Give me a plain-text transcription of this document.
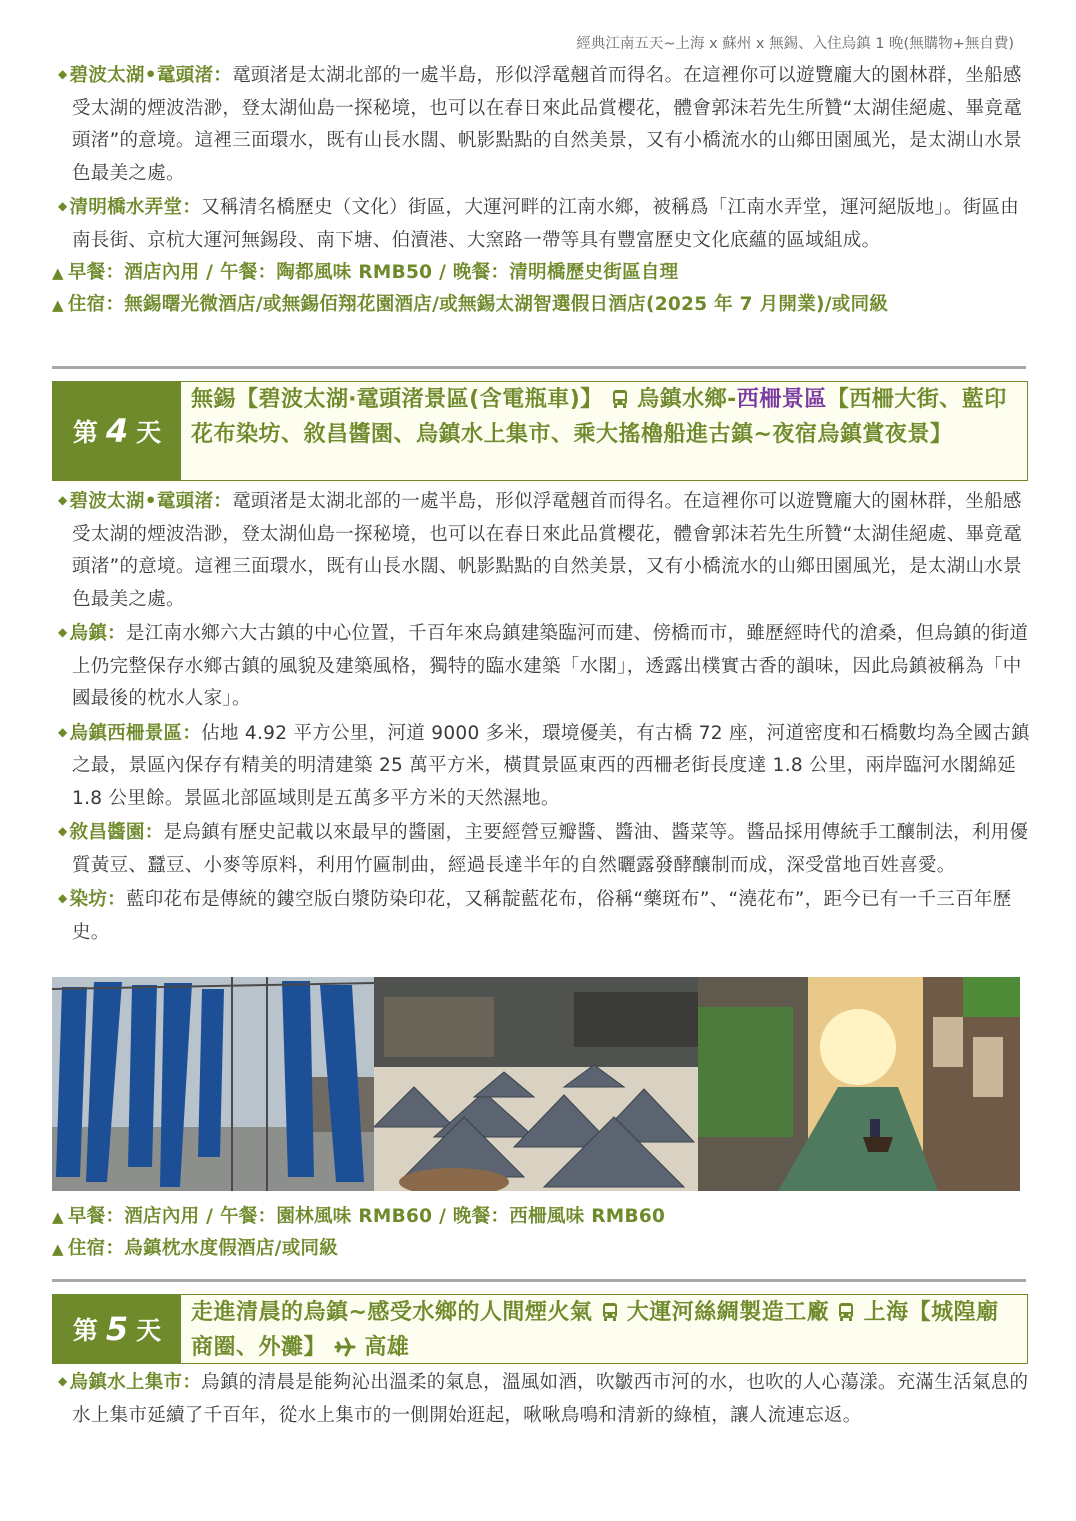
經典江南五天~上海 x 蘇州 x 無錫、入住烏鎮 1 晚(無購物+無自費)

◆ 碧波太湖•鼋頭渚：鼋頭渚是太湖北部的一處半島，形似浮鼋翹首而得名。在這裡你可以遊覽龐大的園林群，坐船感受太湖的煙波浩渺，登太湖仙島一探秘境，也可以在春日來此品賞櫻花，體會郭沫若先生所贊“太湖佳絕處、畢竟鼋頭渚”的意境。這裡三面環水，既有山長水闊、帆影點點的自然美景，又有小橋流水的山鄉田園風光，是太湖山水景色最美之處。

◆ 清明橋水弄堂：又稱清名橋歷史（文化）街區，大運河畔的江南水鄉，被稱爲「江南水弄堂，運河絕版地」。街區由南長街、京杭大運河無錫段、南下塘、伯瀆港、大窯路一帶等具有豐富歷史文化底蘊的區域組成。

▲ 早餐：酒店內用 / 午餐：陶都風味 RMB50 / 晚餐：清明橋歷史街區自理

▲ 住宿：無錫曙光微酒店/或無錫佰翔花園酒店/或無錫太湖智選假日酒店(2025 年 7 月開業)/或同級

第 4 天
無錫【碧波太湖‧鼋頭渚景區(含電瓶車)】 烏鎮水鄉-西柵景區【西柵大街、藍印花布染坊、敘昌醬園、烏鎮水上集市、乘大搖櫓船進古鎮~夜宿烏鎮賞夜景】

◆ 碧波太湖•鼋頭渚：鼋頭渚是太湖北部的一處半島，形似浮鼋翹首而得名。在這裡你可以遊覽龐大的園林群，坐船感受太湖的煙波浩渺，登太湖仙島一探秘境，也可以在春日來此品賞櫻花，體會郭沫若先生所贊“太湖佳絕處、畢竟鼋頭渚”的意境。這裡三面環水，既有山長水闊、帆影點點的自然美景，又有小橋流水的山鄉田園風光，是太湖山水景色最美之處。

◆ 烏鎮：是江南水鄉六大古鎮的中心位置，千百年來烏鎮建築臨河而建、傍橋而市，雖歷經時代的滄桑，但烏鎮的街道上仍完整保存水鄉古鎮的風貌及建築風格，獨特的臨水建築「水閣」，透露出樸實古香的韻味，因此烏鎮被稱為「中國最後的枕水人家」。

◆ 烏鎮西柵景區：佔地 4.92 平方公里，河道 9000 多米，環境優美，有古橋 72 座，河道密度和石橋數均為全國古鎮之最，景區內保存有精美的明清建築 25 萬平方米，橫貫景區東西的西柵老街長度達 1.8 公里，兩岸臨河水閣綿延 1.8 公里餘。景區北部區域則是五萬多平方米的天然濕地。

◆ 敘昌醬園：是烏鎮有歷史記載以來最早的醬園，主要經營豆瓣醬、醬油、醬菜等。醬品採用傳統手工釀制法，利用優質黃豆、蠶豆、小麥等原料，利用竹匾制曲，經過長達半年的自然曬露發酵釀制而成，深受當地百姓喜愛。

◆ 染坊：藍印花布是傳統的鏤空版白漿防染印花，又稱靛藍花布，俗稱“藥斑布”、“澆花布”，距今已有一千三百年歷史。

▲ 早餐：酒店內用 / 午餐：園林風味 RMB60 / 晚餐：西柵風味 RMB60

▲ 住宿：烏鎮枕水度假酒店/或同級

第 5 天
走進清晨的烏鎮~感受水鄉的人間煙火氣 大運河絲綢製造工廠 上海【城隍廟商圈、外灘】 高雄

◆ 烏鎮水上集市：烏鎮的清晨是能夠沁出溫柔的氣息，溫風如酒，吹皺西市河的水，也吹的人心蕩漾。充滿生活氣息的水上集市延續了千百年，從水上集市的一側開始逛起，啾啾鳥鳴和清新的綠植，讓人流連忘返。
